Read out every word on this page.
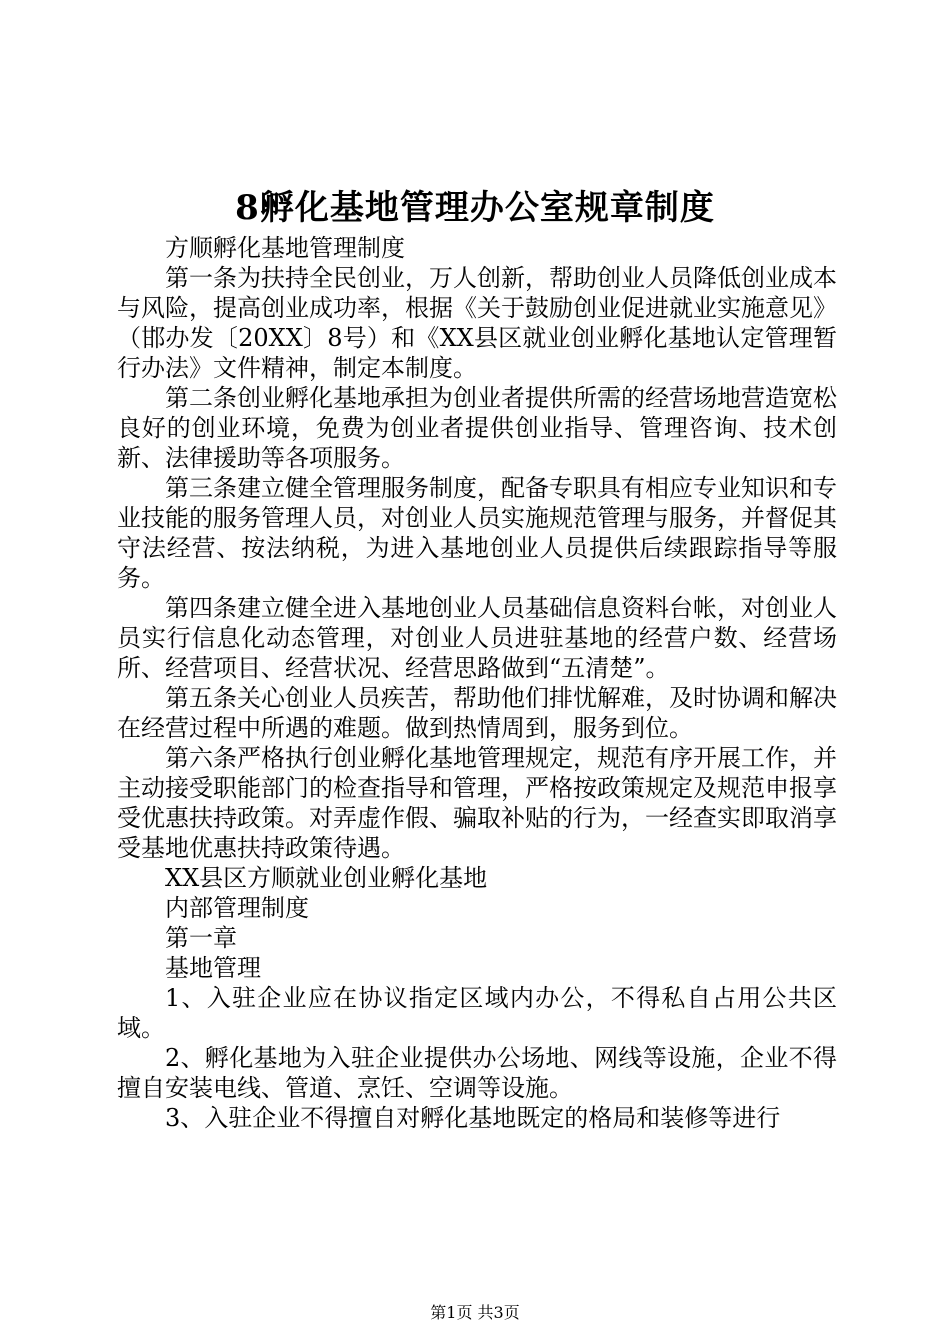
8孵化基地管理办公室规章制度

方顺孵化基地管理制度

第一条为扶持全民创业，万人创新，帮助创业人员降低创业成本与风险，提高创业成功率，根据《关于鼓励创业促进就业实施意见》（邯办发〔20XX〕8号）和《XX县区就业创业孵化基地认定管理暂行办法》文件精神，制定本制度。

第二条创业孵化基地承担为创业者提供所需的经营场地营造宽松良好的创业环境，免费为创业者提供创业指导、管理咨询、技术创新、法律援助等各项服务。

第三条建立健全管理服务制度，配备专职具有相应专业知识和专业技能的服务管理人员，对创业人员实施规范管理与服务，并督促其守法经营、按法纳税，为进入基地创业人员提供后续跟踪指导等服务。

第四条建立健全进入基地创业人员基础信息资料台帐，对创业人员实行信息化动态管理，对创业人员进驻基地的经营户数、经营场所、经营项目、经营状况、经营思路做到“五清楚”。

第五条关心创业人员疾苦，帮助他们排忧解难，及时协调和解决在经营过程中所遇的难题。做到热情周到，服务到位。

第六条严格执行创业孵化基地管理规定，规范有序开展工作，并主动接受职能部门的检查指导和管理，严格按政策规定及规范申报享受优惠扶持政策。对弄虚作假、骗取补贴的行为，一经查实即取消享受基地优惠扶持政策待遇。

XX县区方顺就业创业孵化基地

内部管理制度

第一章

基地管理

1、入驻企业应在协议指定区域内办公，不得私自占用公共区域。

2、孵化基地为入驻企业提供办公场地、网线等设施，企业不得擅自安装电线、管道、烹饪、空调等设施。

3、入驻企业不得擅自对孵化基地既定的格局和装修等进行

第1页 共3页
